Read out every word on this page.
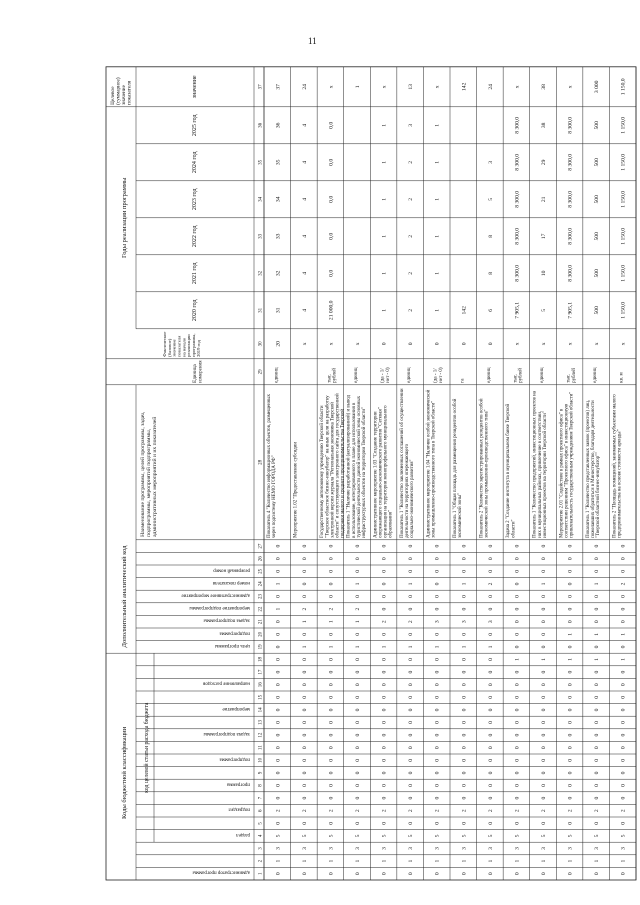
11
Коды бюджетной классификации
Дополнительный аналитический код
Годы реализации программы
Целевое(суммарное)значениепоказателя
код целевой статьи расхода бюджета
администратор программы
раздел
подраздел
программа
подпрограмма
задача подпрограммы
мероприятие
направление расходов
цель программы
подпрограмма
задача подпрограммы
мероприятие подпрограммы
административное мероприятие
номер показателя
резервный номер
Наименование программы, целей программы, задач,подпрограммы, мероприятий подпрограммы,административных мероприятий и их показателей
Единицаизмерения
Фактическое(базовое)значениепоказателяна началореализациипрограммы,2019 год
2020 год
2021 год
2022 год
2023 год
2024 год
2025 год
значение
1
2
3
4
5
6
7
8
9
10
11
12
13
14
15
16
17
18
19
20
21
22
23
24
25
26
27
28
29
30
31
32
33
34
35
36
37
0
1
3
5
0
2
0
0
0
0
0
0
0
0
0
0
0
0
0
0
0
1
0
1
0
0
0
Показатель 4 "Количество информационных объектов, размещенныхчерез подсистему НЕМО ГОРОДА РФ"
единиц
20
31
32
33
34
35
36
37
0
1
3
5
0
2
0
0
0
0
0
0
0
0
0
0
0
0
1
0
1
2
0
0
0
0
0
Мероприятие 1.02 "Предоставление субсидии
х
4
4
4
4
4
4
24
0
1
3
5
0
2
0
0
0
0
0
0
0
0
0
0
0
0
1
0
1
2
0
0
0
0
0
Государственному автономному учреждению Тверской области"Тверское областное бизнес-инкубатор" на иные цели на разработкуэлектронной версии журнала "Региональная экономика Тверскойобласти" и сопутствующего электронного сайта для государственнойподдержки малого и среднего предпринимательства Тверской
тыс.рублей
х
21 000,0
0,0
0,0
0,0
0,0
0,0
х
0
1
3
5
0
2
0
0
0
0
0
0
0
0
0
0
0
0
1
0
1
2
0
1
0
0
0
Показатель 1 "Наличие разработанной (актуализированной) и выводв использование, интегрированного в плане для использования втуристической деятельности данной экономической зоны основныхинфраструктурных объектов на территории Тверской области"
единиц
х
1
0
1
3
5
0
2
0
0
0
0
0
0
0
0
0
0
0
0
1
0
2
0
0
0
0
0
0
Административное мероприятие 1.03 "Создание территорииопережающего социально-экономического развития "Сетевая"организация на территории монопрофильного муниципальногообразования"
(да - 1/нет - 0)
0
1
1
1
1
1
1
х
0
1
3
5
0
2
0
0
0
0
0
0
0
0
0
0
0
0
1
0
2
0
0
1
0
0
0
Показатель 1 "Количество заключенных соглашений об осуществлениидеятельности на территориях опережающегосоциально-экономического развития"
единиц
0
2
2
2
2
2
3
13
0
1
3
5
0
2
0
0
0
0
0
0
0
0
0
0
0
0
1
0
3
0
0
0
0
0
0
Административное мероприятие 1.04 "Наличие особой экономическойзоны промышленно-производственного типа в Тверской области"
(да - 1/нет - 0)
0
1
1
1
1
1
1
х
0
1
3
5
0
2
0
0
0
0
0
0
0
0
0
0
0
0
1
0
3
0
0
1
0
0
0
Показатель 1 "Общая площадь для размещения резидентов особойэкономической зоны"
га
0
142
142
0
1
3
5
0
2
0
0
0
0
0
0
0
0
0
0
0
0
1
0
3
0
0
2
0
0
0
Показатель 2 "Количество зарегистрированных резидентов особойэкономической зоны промышленно-производственного типа"
единиц
0
6
8
8
5
3
24
0
1
3
5
0
2
0
0
0
0
0
0
0
0
0
0
0
1
0
0
0
0
0
0
0
0
0
Задача 2 "Создание института в муниципальном банке Тверскойобласти"
тыс.рублей
х
7 905,1
8 300,0
8 300,0
8 300,0
8 300,0
8 300,0
х
0
1
3
5
0
2
0
0
0
0
0
0
0
0
0
0
0
1
0
0
0
0
0
1
0
0
0
Показатель 1 "Количество предприятий, инвестиционных проектов наних в муниципальных районах, привлечение в соответствии,инвестиционных проектов на территории Тверской области"
единиц
х
5
10
17
21
29
38
38
0
1
3
5
0
2
0
0
0
0
0
0
0
0
0
0
0
1
0
1
0
0
0
0
0
0
0
Мероприятие 2.01 "Содействие в рамках проектного офиса" всоответствии решением "Проектного офиса" в инвестиционнуюпривлекательность государственным учреждением Тверской области"
тыс.рублей
х
7 905,1
8 300,0
8 300,0
8 300,0
8 300,0
8 300,0
х
0
1
3
5
0
2
0
0
0
0
0
0
0
0
0
0
0
1
0
1
0
0
0
1
0
0
0
Показатель 1 "Количество представленных заявок (проектов) лиц,пожелавших обратиться в Министерство, благодаря деятельности"Тверской областной бизнес-инкубатор""
единиц
х
500
500
500
500
500
500
3 000
0
1
3
5
0
2
0
0
0
0
0
0
0
0
0
0
0
1
0
1
0
0
0
2
0
0
0
Показатель 2 "Площадь помещений, занимаемых субъектами малогопредпринимательства на основе стоимости аренды"
кв. м
х
1 150,0
1 150,0
1 150,0
1 150,0
1 150,0
1 150,0
1 150,0
